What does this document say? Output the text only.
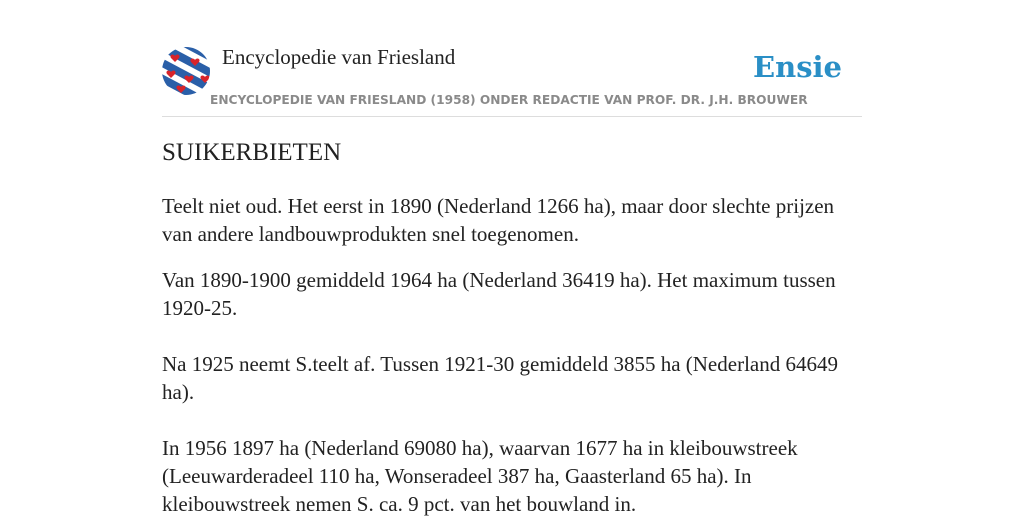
Encyclopedie van Friesland	Ensie
ENCYCLOPEDIE VAN FRIESLAND (1958) ONDER REDACTIE VAN PROF. DR. J.H. BROUWER
SUIKERBIETEN

Teelt niet oud. Het eerst in 1890 (Nederland 1266 ha), maar door slechte prijzen van andere landbouwprodukten snel toegenomen.

Van 1890-1900 gemiddeld 1964 ha (Nederland 36419 ha). Het maximum tussen 1920-25.

Na 1925 neemt S.teelt af. Tussen 1921-30 gemiddeld 3855 ha (Nederland 64649 ha).

In 1956 1897 ha (Nederland 69080 ha), waarvan 1677 ha in kleibouwstreek (Leeuwarderadeel 110 ha, Wonseradeel 387 ha, Gaasterland 65 ha). In kleibouwstreek nemen S. ca. 9 pct. van het bouwland in.
